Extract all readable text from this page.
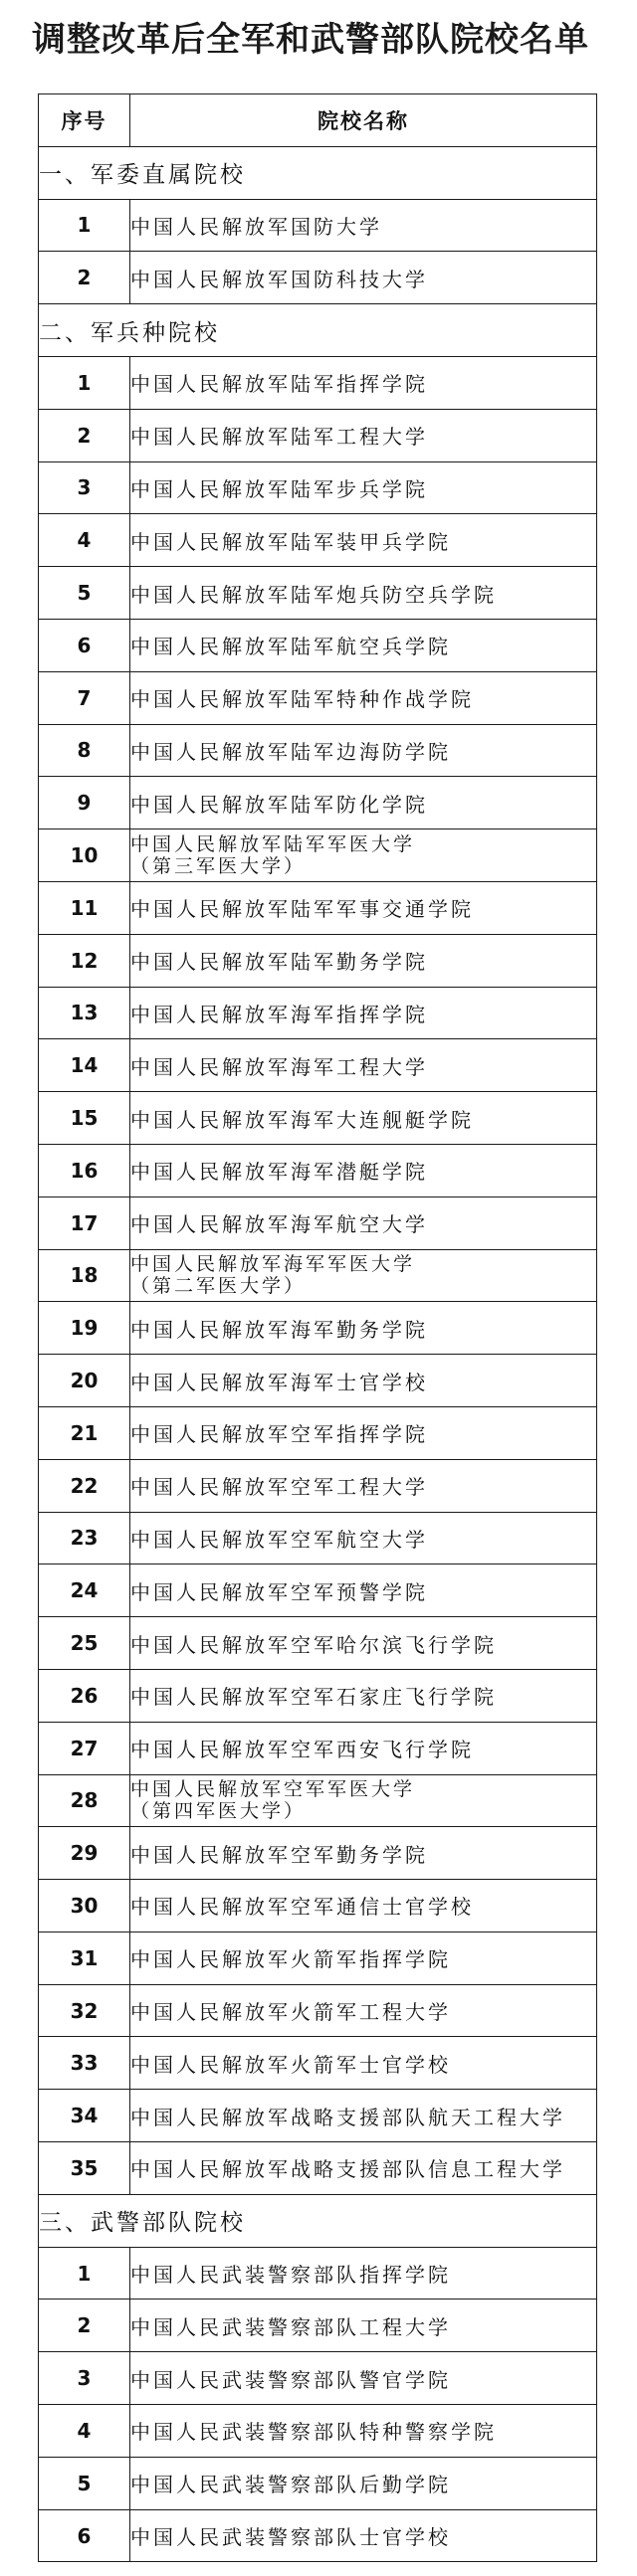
调整改革后全军和武警部队院校名单
序号	院校名称
一、军委直属院校	
1	中国人民解放军国防大学
2	中国人民解放军国防科技大学
二、军兵种院校	
1	中国人民解放军陆军指挥学院
2	中国人民解放军陆军工程大学
3	中国人民解放军陆军步兵学院
4	中国人民解放军陆军装甲兵学院
5	中国人民解放军陆军炮兵防空兵学院
6	中国人民解放军陆军航空兵学院
7	中国人民解放军陆军特种作战学院
8	中国人民解放军陆军边海防学院
9	中国人民解放军陆军防化学院
10	中国人民解放军陆军军医大学
（第三军医大学）

11	中国人民解放军陆军军事交通学院
12	中国人民解放军陆军勤务学院
13	中国人民解放军海军指挥学院
14	中国人民解放军海军工程大学
15	中国人民解放军海军大连舰艇学院
16	中国人民解放军海军潜艇学院
17	中国人民解放军海军航空大学
18	中国人民解放军海军军医大学
（第二军医大学）

19	中国人民解放军海军勤务学院
20	中国人民解放军海军士官学校
21	中国人民解放军空军指挥学院
22	中国人民解放军空军工程大学
23	中国人民解放军空军航空大学
24	中国人民解放军空军预警学院
25	中国人民解放军空军哈尔滨飞行学院
26	中国人民解放军空军石家庄飞行学院
27	中国人民解放军空军西安飞行学院
28	中国人民解放军空军军医大学
（第四军医大学）

29	中国人民解放军空军勤务学院
30	中国人民解放军空军通信士官学校
31	中国人民解放军火箭军指挥学院
32	中国人民解放军火箭军工程大学
33	中国人民解放军火箭军士官学校
34	中国人民解放军战略支援部队航天工程大学
35	中国人民解放军战略支援部队信息工程大学
三、武警部队院校	
1	中国人民武装警察部队指挥学院
2	中国人民武装警察部队工程大学
3	中国人民武装警察部队警官学院
4	中国人民武装警察部队特种警察学院
5	中国人民武装警察部队后勤学院
6	中国人民武装警察部队士官学校
